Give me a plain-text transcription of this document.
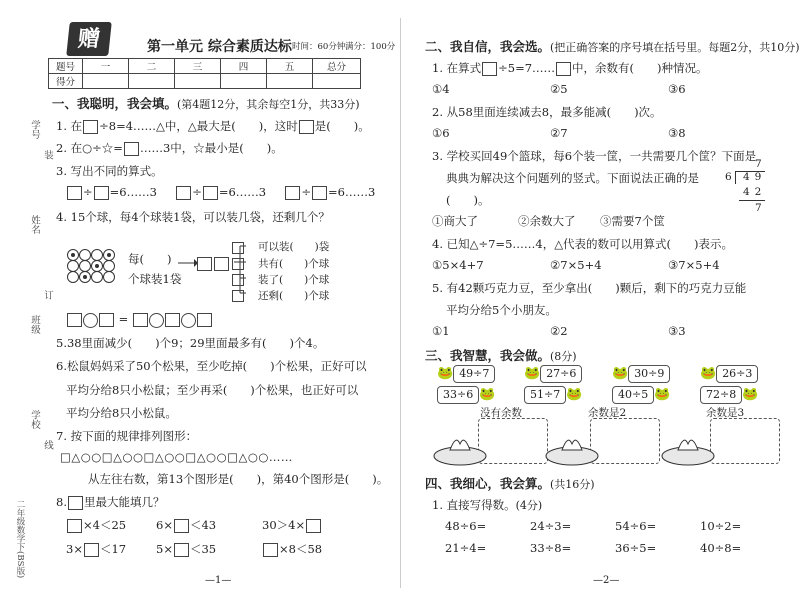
学号
姓名
班级
学校
装
订
线
二年级数学下(BS版)
赠	第一单元 综合素质达标 时间：60分钟 满分：100分
题号	一	二	三	四	五	总分
得分						
一、我聪明，我会填。(第4题12分，其余每空1分，共33分)
1. 在 ÷8=4……△中，△最大是(　　)，这时 是(　　)。
2. 在○÷☆= ……3中，☆最小是(　　)。
3. 写出不同的算式。
÷ =6……3	÷ =6……3	÷ =6……3
4. 15个球，每4个球装1袋，可以装几袋，还剩几个？
每(　　)
个球装1袋
可以装(　　)袋
共有(　　)个球
装了(　　)个球
还剩(　　)个球
=
5.38里面减少(　　)个9；29里面最多有(　　)个4。
6.松鼠妈妈采了50个松果，至少吃掉(　　)个松果，正好可以
平均分给8只小松鼠；至少再采(　　)个松果，也正好可以
平均分给8只小松鼠。
7. 按下面的规律排列图形：
□△○○□△○○□△○○□△○○□△○○……
从左往右数，第13个图形是(　　)，第40个图形是(　　)。
8. 里最大能填几？
×4＜25	6× ＜43	30＞4×
3× ＜17	5× ＜35	×8＜58
—1—
二、我自信，我会选。(把正确答案的序号填在括号里。每题2分，共10分)
1. 在算式 ÷5=7…… 中，余数有(　　)种情况。
①4	②5	③6
2. 从58里面连续减去8，最多能减(　　)次。
①6	②7	③8
3. 学校买回49个篮球，每6个装一筐，一共需要几个筐？下面是
典典为解决这个问题列的竖式。下面说法正确的是
(　　)。
7
6 49
42
7
①商大了	②余数大了 ③需要7个筐
4. 已知△÷7=5……4，△代表的数可以用算式(　　)表示。
①5×4+7	②7×5+4	③7×5+4
5. 有42颗巧克力豆，至少拿出(　　)颗后，剩下的巧克力豆能
平均分给5个小朋友。
①1	②2	③3
三、我智慧，我会做。(8分)
🐸 49÷7	🐸 27÷6	🐸 30÷9	🐸 26÷3
33÷6 🐸	51÷7 🐸	40÷5 🐸	72÷8 🐸
没有余数	余数是2	余数是3
四、我细心，我会算。(共16分)
1. 直接写得数。(4分)
48÷6=	24÷3=	54÷6=	10÷2=
21÷4=	33÷8=	36÷5=	40÷8=
—2—
